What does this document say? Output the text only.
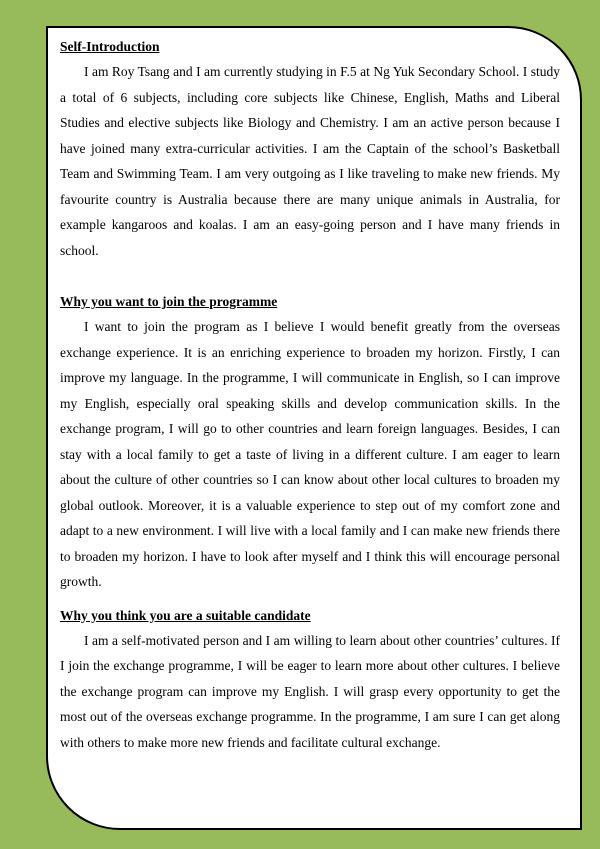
Self-Introduction

I am Roy Tsang and I am currently studying in F.5 at Ng Yuk Secondary School. I study a total of 6 subjects, including core subjects like Chinese, English, Maths and Liberal Studies and elective subjects like Biology and Chemistry. I am an active person because I have joined many extra-curricular activities. I am the Captain of the school’s Basketball Team and Swimming Team. I am very outgoing as I like traveling to make new friends. My favourite country is Australia because there are many unique animals in Australia, for example kangaroos and koalas. I am an easy-going person and I have many friends in school.

Why you want to join the programme

I want to join the program as I believe I would benefit greatly from the overseas exchange experience. It is an enriching experience to broaden my horizon. Firstly, I can improve my language. In the programme, I will communicate in English, so I can improve my English, especially oral speaking skills and develop communication skills. In the exchange program, I will go to other countries and learn foreign languages. Besides, I can stay with a local family to get a taste of living in a different culture. I am eager to learn about the culture of other countries so I can know about other local cultures to broaden my global outlook. Moreover, it is a valuable experience to step out of my comfort zone and adapt to a new environment. I will live with a local family and I can make new friends there to broaden my horizon. I have to look after myself and I think this will encourage personal growth.

Why you think you are a suitable candidate

I am a self-motivated person and I am willing to learn about other countries’ cultures. If I join the exchange programme, I will be eager to learn more about other cultures. I believe the exchange program can improve my English. I will grasp every opportunity to get the most out of the overseas exchange programme. In the programme, I am sure I can get along with others to make more new friends and facilitate cultural exchange.
